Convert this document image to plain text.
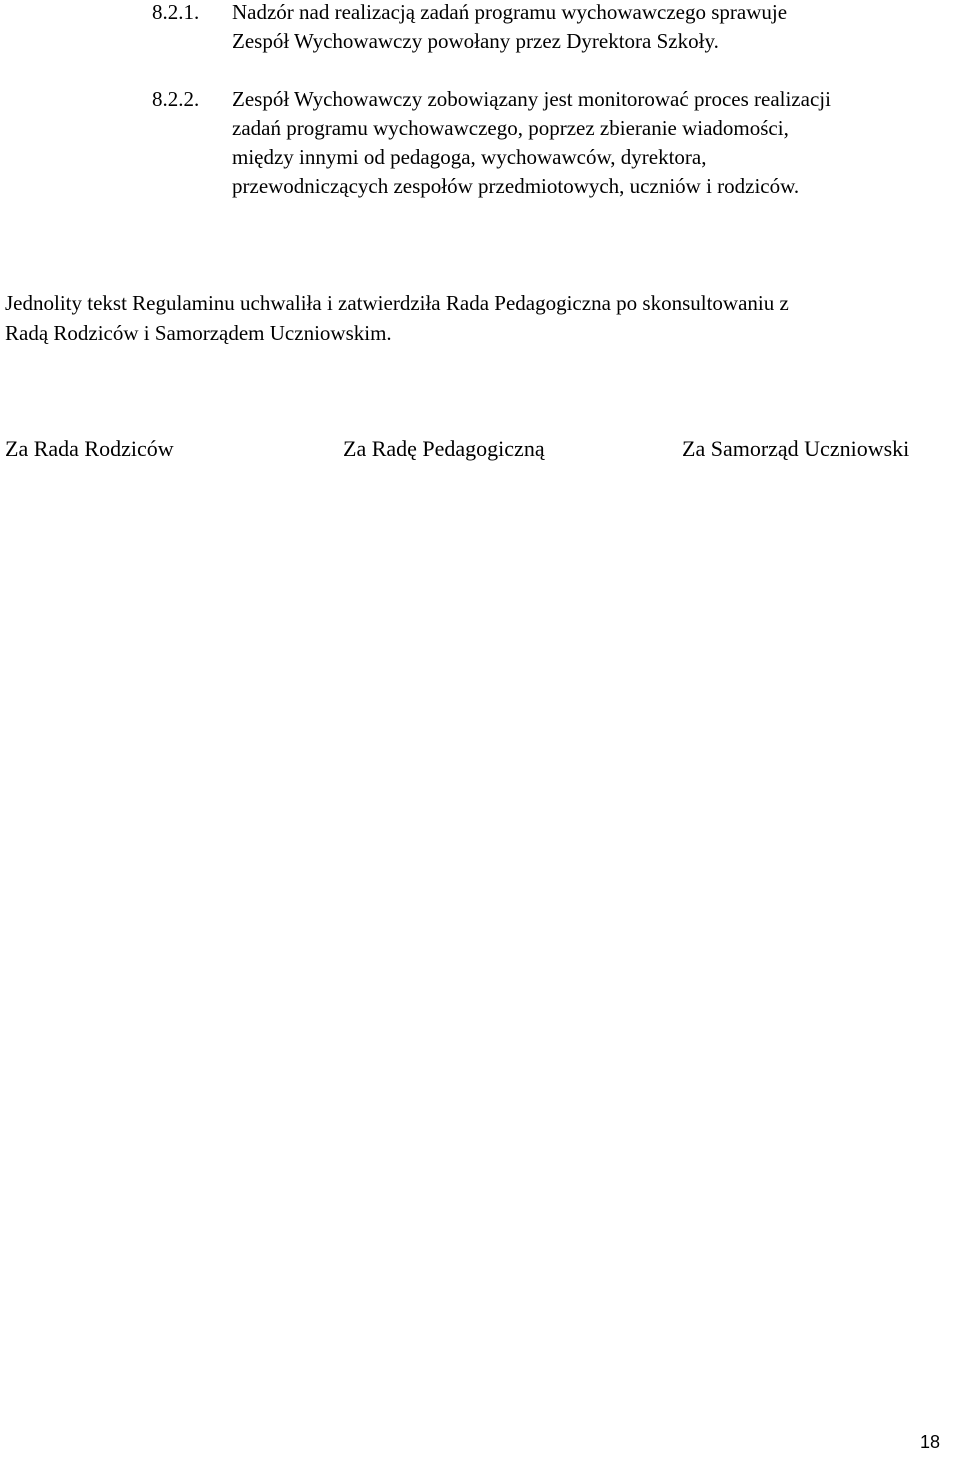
8.2.1. Nadzór nad realizacją zadań programu wychowawczego sprawuje
Zespół Wychowawczy powołany przez Dyrektora Szkoły.
8.2.2. Zespół Wychowawczy zobowiązany jest monitorować proces realizacji
zadań programu wychowawczego, poprzez zbieranie wiadomości,
między innymi od pedagoga, wychowawców, dyrektora,
przewodniczących zespołów przedmiotowych, uczniów i rodziców.
Jednolity tekst Regulaminu uchwaliła i zatwierdziła Rada Pedagogiczna po skonsultowaniu z
Radą Rodziców i Samorządem Uczniowskim.
Za Rada Rodziców	Za Radę Pedagogiczną	Za Samorząd Uczniowski
18
